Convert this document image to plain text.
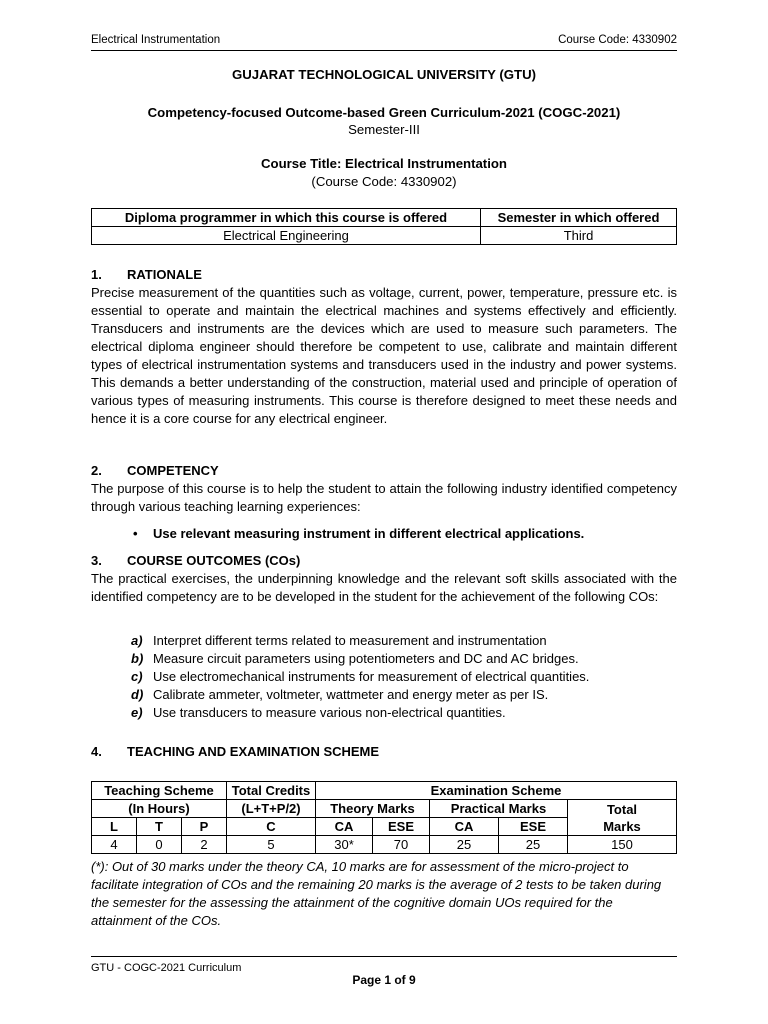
Electrical Instrumentation	Course Code: 4330902
GUJARAT TECHNOLOGICAL UNIVERSITY (GTU)
Competency-focused Outcome-based Green Curriculum-2021 (COGC-2021)
Semester-III
Course Title: Electrical Instrumentation
(Course Code: 4330902)
Diploma programmer in which this course is offered	Semester in which offered
Electrical Engineering	Third
1. RATIONALE
Precise measurement of the quantities such as voltage, current, power, temperature, pressure etc. is essential to operate and maintain the electrical machines and systems effectively and efficiently. Transducers and instruments are the devices which are used to measure such parameters. The electrical diploma engineer should therefore be competent to use, calibrate and maintain different types of electrical instrumentation systems and transducers used in the industry and power systems. This demands a better understanding of the construction, material used and principle of operation of various types of measuring instruments. This course is therefore designed to meet these needs and hence it is a core course for any electrical engineer.
2. COMPETENCY
The purpose of this course is to help the student to attain the following industry identified competency through various teaching learning experiences:
• Use relevant measuring instrument in different electrical applications.
3. COURSE OUTCOMES (COs)
The practical exercises, the underpinning knowledge and the relevant soft skills associated with the identified competency are to be developed in the student for the achievement of the following COs:
a) Interpret different terms related to measurement and instrumentation
b) Measure circuit parameters using potentiometers and DC and AC bridges.
c) Use electromechanical instruments for measurement of electrical quantities.
d) Calibrate ammeter, voltmeter, wattmeter and energy meter as per IS.
e) Use transducers to measure various non-electrical quantities.
4. TEACHING AND EXAMINATION SCHEME
Teaching Scheme			Total Credits	Examination Scheme				
(In Hours)			(L+T+P/2)	Theory Marks		Practical Marks		Total
Marks
L	T	P	C	CA	ESE	CA	ESE	
4	0	2	5	30*	70	25	25	150
(*): Out of 30 marks under the theory CA, 10 marks are for assessment of the micro-project to facilitate integration of COs and the remaining 20 marks is the average of 2 tests to be taken during the semester for the assessing the attainment of the cognitive domain UOs required for the attainment of the COs.
GTU - COGC-2021 Curriculum
Page 1 of 9
